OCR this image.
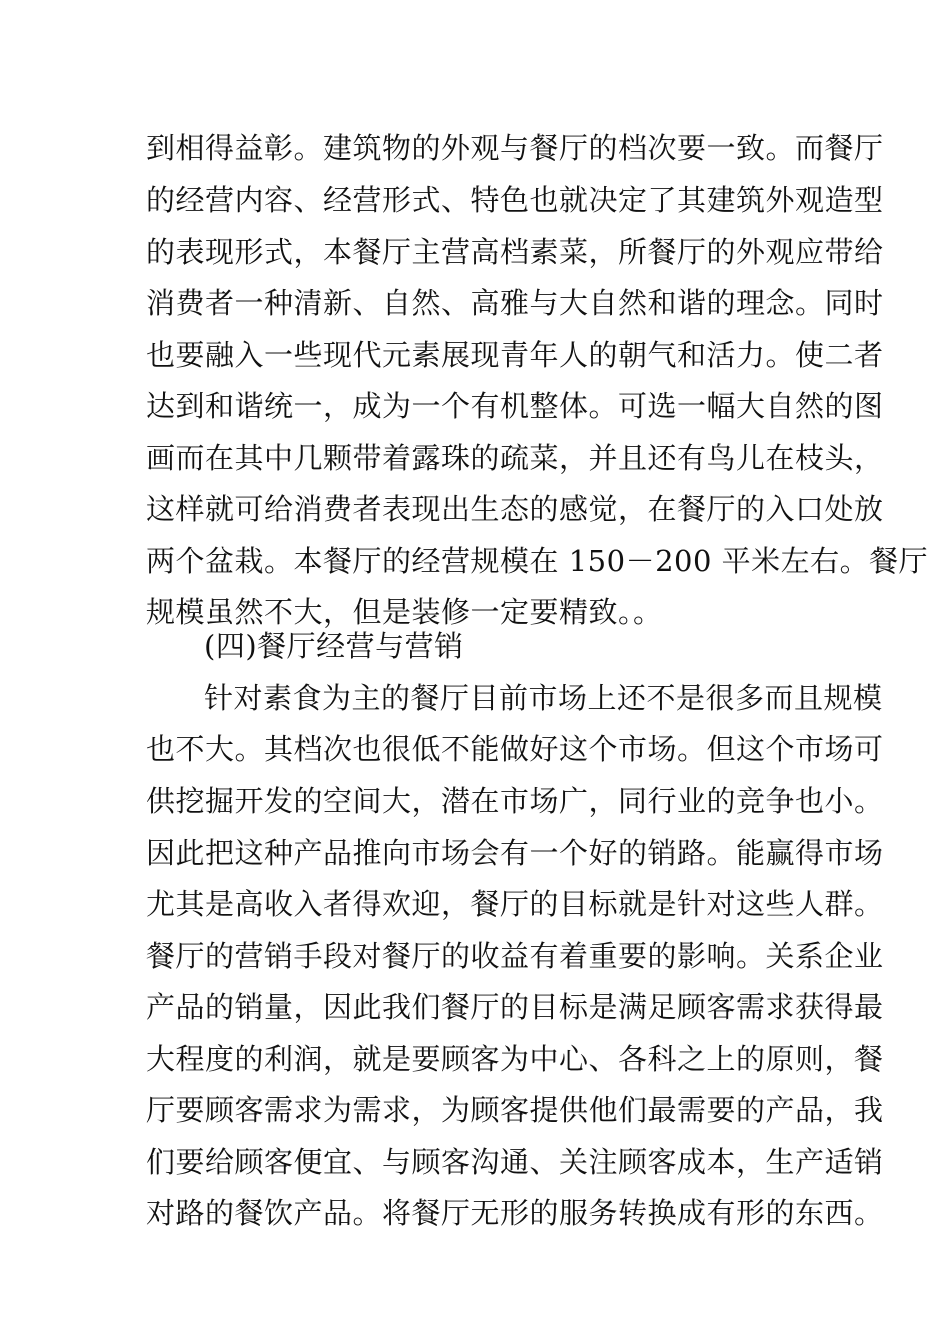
到相得益彰。建筑物的外观与餐厅的档次要一致。而餐厅
的经营内容、经营形式、特色也就决定了其建筑外观造型
的表现形式，本餐厅主营高档素菜，所餐厅的外观应带给
消费者一种清新、自然、高雅与大自然和谐的理念。同时
也要融入一些现代元素展现青年人的朝气和活力。使二者
达到和谐统一，成为一个有机整体。可选一幅大自然的图
画而在其中几颗带着露珠的疏菜，并且还有鸟儿在枝头，
这样就可给消费者表现出生态的感觉，在餐厅的入口处放
两个盆栽。本餐厅的经营规模在 150－200 平米左右。餐厅
规模虽然不大，但是装修一定要精致。。
(四)餐厅经营与营销
针对素食为主的餐厅目前市场上还不是很多而且规模
也不大。其档次也很低不能做好这个市场。但这个市场可
供挖掘开发的空间大，潜在市场广，同行业的竞争也小。
因此把这种产品推向市场会有一个好的销路。能赢得市场
尤其是高收入者得欢迎，餐厅的目标就是针对这些人群。
餐厅的营销手段对餐厅的收益有着重要的影响。关系企业
产品的销量，因此我们餐厅的目标是满足顾客需求获得最
大程度的利润，就是要顾客为中心、各科之上的原则，餐
厅要顾客需求为需求，为顾客提供他们最需要的产品，我
们要给顾客便宜、与顾客沟通、关注顾客成本，生产适销
对路的餐饮产品。将餐厅无形的服务转换成有形的东西。
